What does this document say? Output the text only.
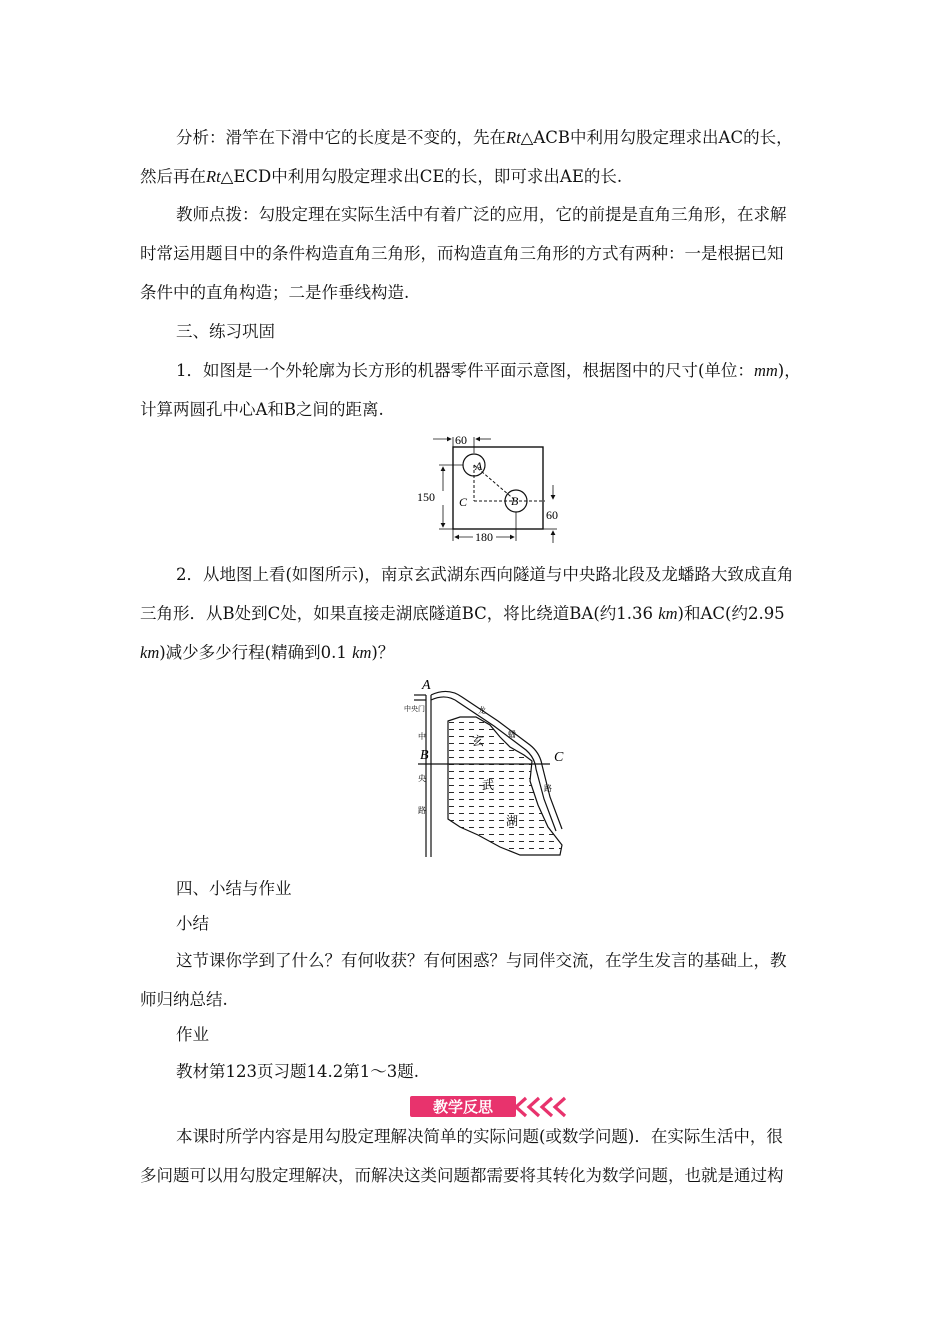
分析：滑竿在下滑中它的长度是不变的，先在Rt△ACB中利用勾股定理求出AC的长，
然后再在Rt△ECD中利用勾股定理求出CE的长，即可求出AE的长.
教师点拨：勾股定理在实际生活中有着广泛的应用，它的前提是直角三角形，在求解
时常运用题目中的条件构造直角三角形，而构造直角三角形的方式有两种：一是根据已知
条件中的直角构造；二是作垂线构造.
三、练习巩固
1．如图是一个外轮廓为长方形的机器零件平面示意图，根据图中的尺寸(单位：mm)，
计算两圆孔中心A和B之间的距离.
60
150
180
60
A
B
C
2．从地图上看(如图所示)，南京玄武湖东西向隧道与中央路北段及龙蟠路大致成直角
三角形．从B处到C处，如果直接走湖底隧道BC，将比绕道BA(约1.36 km)和AC(约2.95
km)减少多少行程(精确到0.1 km)？
A
B	C
中央门
中
央
路
龙
蟠
路
玄
武
湖
四、小结与作业
小结
这节课你学到了什么？有何收获？有何困惑？与同伴交流，在学生发言的基础上，教
师归纳总结.
作业
教材第123页习题14.2第1～3题.
教学反思
本课时所学内容是用勾股定理解决简单的实际问题(或数学问题)．在实际生活中，很
多问题可以用勾股定理解决，而解决这类问题都需要将其转化为数学问题，也就是通过构
